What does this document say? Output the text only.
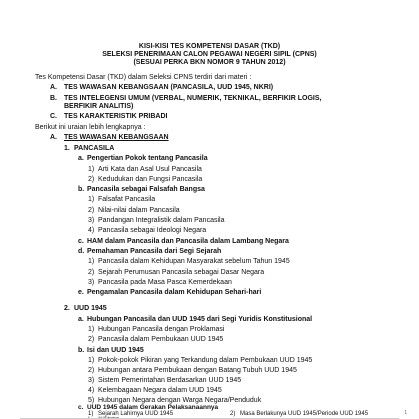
KISI-KISI TES KOMPETENSI DASAR (TKD)
SELEKSI PENERIMAAN CALON PEGAWAI NEGERI SIPIL (CPNS)
(SESUAI PERKA BKN NOMOR 9 TAHUN 2012)
Tes Kompetensi Dasar (TKD) dalam Seleksi CPNS terdiri dari materi :
A. TES WAWASAN KEBANGSAAN (PANCASILA, UUD 1945, NKRI)
B. TES INTELEGENSI UMUM (VERBAL, NUMERIK, TEKNIKAL, BERFIKIR LOGIS,
BERFIKIR ANALITIS)
C. TES KARAKTERISTIK PRIBADI
Berikut ini uraian lebih lengkapnya :
A. TES WAWASAN KEBANGSAAN
1. PANCASILA
a. Pengertian Pokok tentang Pancasila
1) Arti Kata dan Asal Usul Pancasila
2) Kedudukan dan Fungsi Pancasila
b. Pancasila sebagai Falsafah Bangsa
1) Falsafat Pancasila
2) Nilai-nilai dalam Pancasila
3) Pandangan Integralistik dalam Pancasila
4) Pancasila sebagai Ideologi Negara
c. HAM dalam Pancasila dan Pancasila dalam Lambang Negara
d. Pemahaman Pancasila dari Segi Sejarah
1) Pancasila dalam Kehidupan Masyarakat sebelum Tahun 1945
2) Sejarah Perumusan Pancasila sebagai Dasar Negara
3) Pancasila pada Masa Pasca Kemerdekaan
e. Pengamalan Pancasila dalam Kehidupan Sehari-hari
2. UUD 1945
a. Hubungan Pancasila dan UUD 1945 dari Segi Yuridis Konstitusional
1) Hubungan Pancasila dengan Proklamasi
2) Pancasila dalam Pembukaan UUD 1945
b. Isi dan UUD 1945
1) Pokok-pokok Pikiran yang Terkandung dalam Pembukaan UUD 1945
2) Hubungan antara Pembukaan dengan Batang Tubuh UUD 1945
3) Sistem Pemerintahan Berdasarkan UUD 1945
4) Kelembagaan Negara dalam UUD 1945
5) Hubungan Negara dengan Warga Negara/Penduduk
c. UUD 1945 dalam Gerakan Pelaksanaannya
1) Sejarah Lahirnya UUD 1945	2) Masa Berlakunya UUD 1945/Periode UUD 1945	1
